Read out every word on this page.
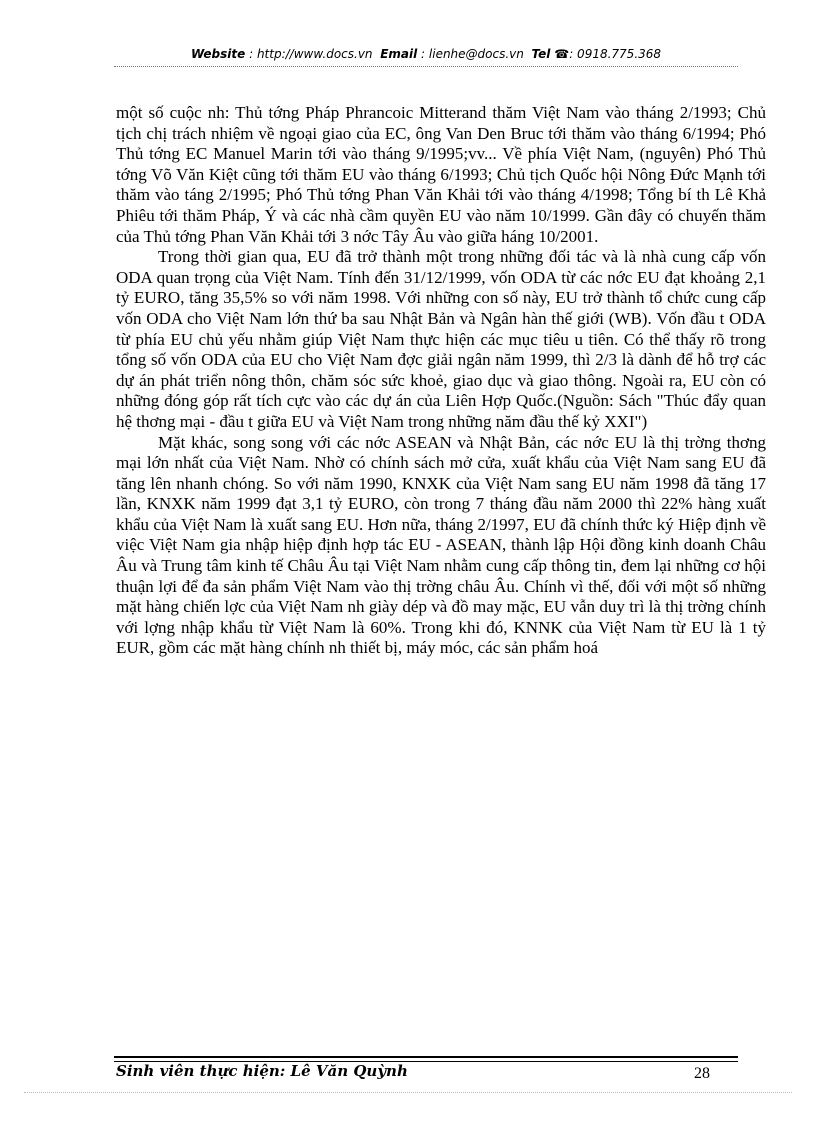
Website : http://www.docs.vn Email : lienhe@docs.vn Tel ☎: 0918.775.368

một số cuộc nh: Thủ tớng Pháp Phrancoic Mitterand thăm Việt Nam vào tháng 2/1993; Chủ tịch chị trách nhiệm về ngoại giao của EC, ông Van Den Bruc tới thăm vào tháng 6/1994; Phó Thủ tớng EC Manuel Marin tới vào tháng 9/1995;vv... Về phía Việt Nam, (nguyên) Phó Thủ tớng Võ Văn Kiệt cũng tới thăm EU vào tháng 6/1993; Chủ tịch Quốc hội Nông Đức Mạnh tới thăm vào táng 2/1995; Phó Thủ tớng Phan Văn Khải tới vào tháng 4/1998; Tổng bí th Lê Khả Phiêu tới thăm Pháp, Ý và các nhà cầm quyền EU vào năm 10/1999. Gần đây có chuyến thăm của Thủ tớng Phan Văn Khải tới 3 nớc Tây Âu vào giữa háng 10/2001.

Trong thời gian qua, EU đã trở thành một trong những đối tác và là nhà cung cấp vốn ODA quan trọng của Việt Nam. Tính đến 31/12/1999, vốn ODA từ các nớc EU đạt khoảng 2,1 tỷ EURO, tăng 35,5% so với năm 1998. Với những con số này, EU trở thành tổ chức cung cấp vốn ODA cho Việt Nam lớn thứ ba sau Nhật Bản và Ngân hàn thế giới (WB). Vốn đầu t ODA từ phía EU chủ yếu nhằm giúp Việt Nam thực hiện các mục tiêu u tiên. Có thể thấy rõ trong tổng số vốn ODA của EU cho Việt Nam đợc giải ngân năm 1999, thì 2/3 là dành để hỗ trợ các dự án phát triển nông thôn, chăm sóc sức khoẻ, giao dục và giao thông. Ngoài ra, EU còn có những đóng góp rất tích cực vào các dự án của Liên Hợp Quốc.(Nguồn: Sách "Thúc đẩy quan hệ thơng mại - đầu t giữa EU và Việt Nam trong những năm đầu thế kỷ XXI")

Mặt khác, song song với các nớc ASEAN và Nhật Bản, các nớc EU là thị trờng thơng mại lớn nhất của Việt Nam. Nhờ có chính sách mở cửa, xuất khẩu của Việt Nam sang EU đã tăng lên nhanh chóng. So với năm 1990, KNXK của Việt Nam sang EU năm 1998 đã tăng 17 lần, KNXK năm 1999 đạt 3,1 tỷ EURO, còn trong 7 tháng đầu năm 2000 thì 22% hàng xuất khẩu của Việt Nam là xuất sang EU. Hơn nữa, tháng 2/1997, EU đã chính thức ký Hiệp định về việc Việt Nam gia nhập hiệp định hợp tác EU - ASEAN, thành lập Hội đồng kinh doanh Châu Âu và Trung tâm kinh tế Châu Âu tại Việt Nam nhằm cung cấp thông tin, đem lại những cơ hội thuận lợi để đa sản phẩm Việt Nam vào thị trờng châu Âu. Chính vì thế, đối với một số những mặt hàng chiến lợc của Việt Nam nh giày dép và đồ may mặc, EU vẫn duy trì là thị trờng chính với lợng nhập khẩu từ Việt Nam là 60%. Trong khi đó, KNNK của Việt Nam từ EU là 1 tỷ EUR, gồm các mặt hàng chính nh thiết bị, máy móc, các sản phẩm hoá

Sinh viên thực hiện: Lê Văn Quỳnh	28
